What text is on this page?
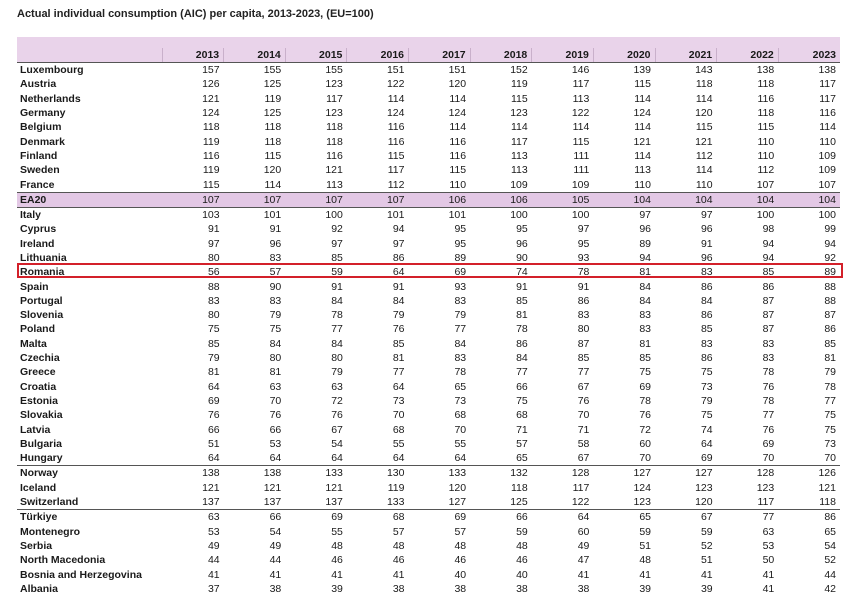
Actual individual consumption (AIC) per capita, 2013-2023, (EU=100)

	2013	2014	2015	2016	2017	2018	2019	2020	2021	2022	2023
Luxembourg	157	155	155	151	151	152	146	139	143	138	138
Austria	126	125	123	122	120	119	117	115	118	118	117
Netherlands	121	119	117	114	114	115	113	114	114	116	117
Germany	124	125	123	124	124	123	122	124	120	118	116
Belgium	118	118	118	116	114	114	114	114	115	115	114
Denmark	119	118	118	116	116	117	115	121	121	110	110
Finland	116	115	116	115	116	113	111	114	112	110	109
Sweden	119	120	121	117	115	113	111	113	114	112	109
France	115	114	113	112	110	109	109	110	110	107	107
EA20	107	107	107	107	106	106	105	104	104	104	104
Italy	103	101	100	101	101	100	100	97	97	100	100
Cyprus	91	91	92	94	95	95	97	96	96	98	99
Ireland	97	96	97	97	95	96	95	89	91	94	94
Lithuania	80	83	85	86	89	90	93	94	96	94	92
Romania	56	57	59	64	69	74	78	81	83	85	89
Spain	88	90	91	91	93	91	91	84	86	86	88
Portugal	83	83	84	84	83	85	86	84	84	87	88
Slovenia	80	79	78	79	79	81	83	83	86	87	87
Poland	75	75	77	76	77	78	80	83	85	87	86
Malta	85	84	84	85	84	86	87	81	83	83	85
Czechia	79	80	80	81	83	84	85	85	86	83	81
Greece	81	81	79	77	78	77	77	75	75	78	79
Croatia	64	63	63	64	65	66	67	69	73	76	78
Estonia	69	70	72	73	73	75	76	78	79	78	77
Slovakia	76	76	76	70	68	68	70	76	75	77	75
Latvia	66	66	67	68	70	71	71	72	74	76	75
Bulgaria	51	53	54	55	55	57	58	60	64	69	73
Hungary	64	64	64	64	64	65	67	70	69	70	70
Norway	138	138	133	130	133	132	128	127	127	128	126
Iceland	121	121	121	119	120	118	117	124	123	123	121
Switzerland	137	137	137	133	127	125	122	123	120	117	118
Türkiye	63	66	69	68	69	66	64	65	67	77	86
Montenegro	53	54	55	57	57	59	60	59	59	63	65
Serbia	49	49	48	48	48	48	49	51	52	53	54
North Macedonia	44	44	46	46	46	46	47	48	51	50	52
Bosnia and Herzegovina	41	41	41	41	40	40	41	41	41	41	44
Albania	37	38	39	38	38	38	38	39	39	41	42
